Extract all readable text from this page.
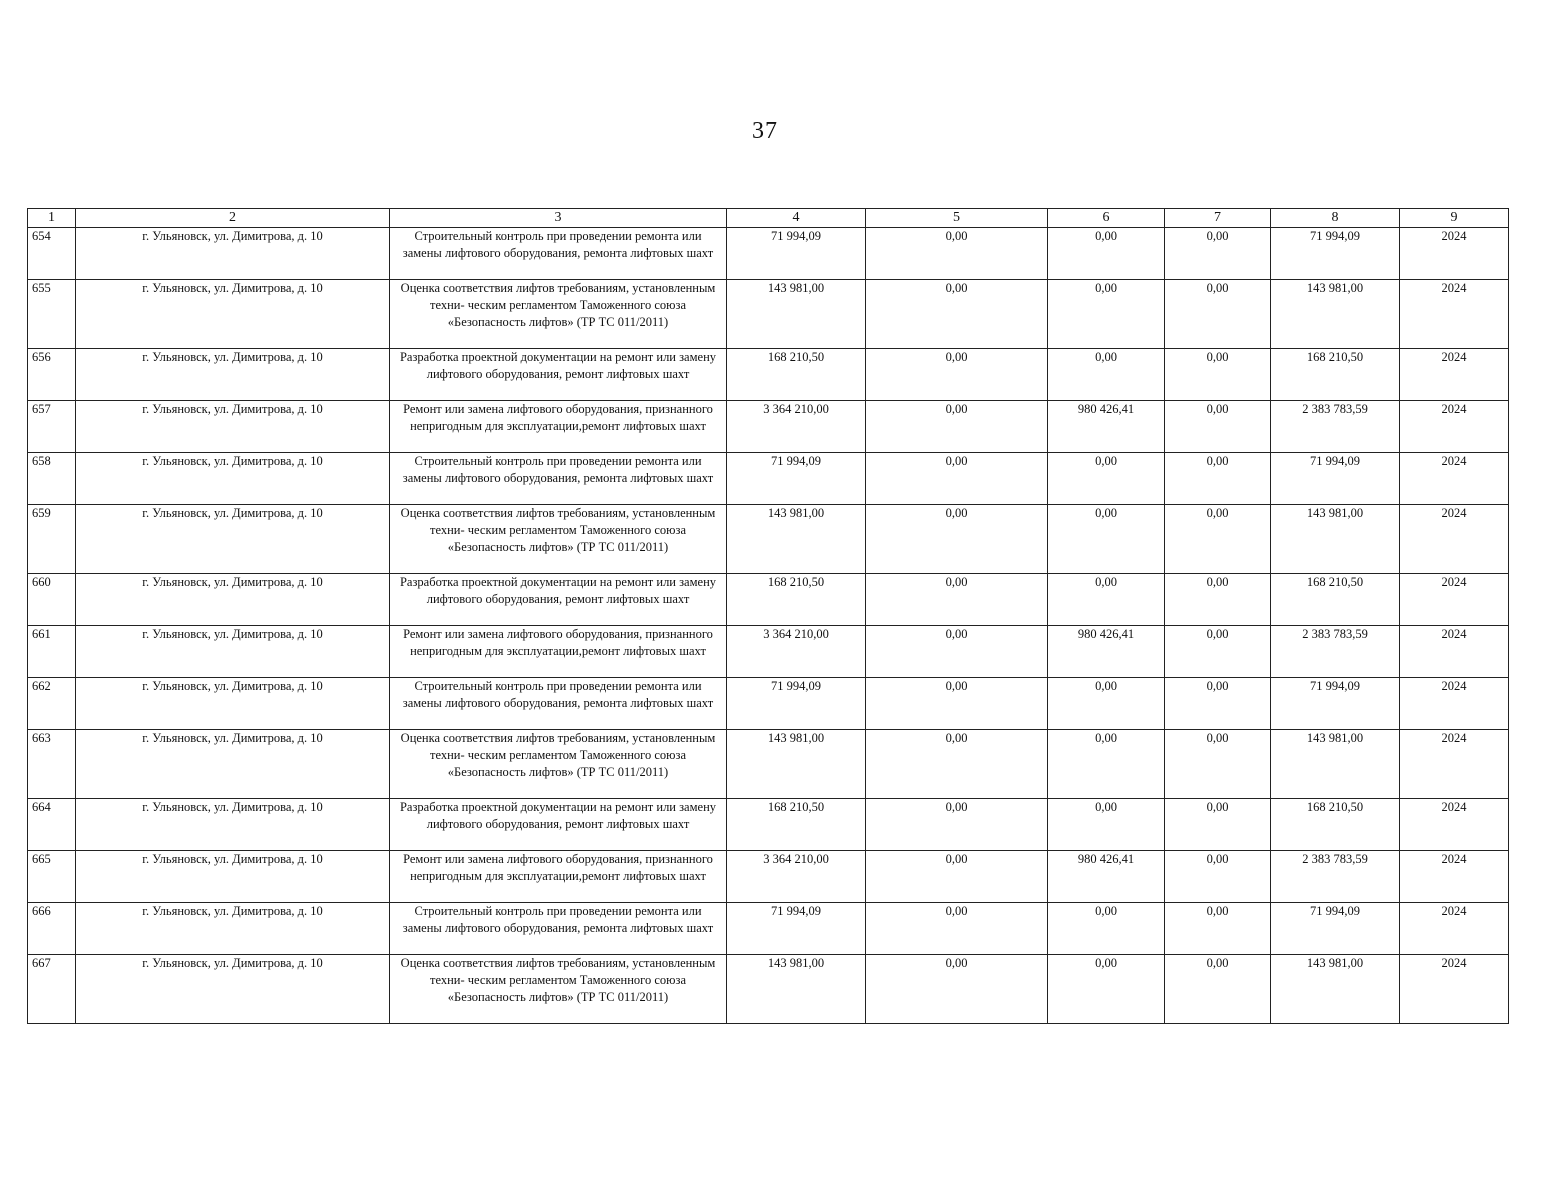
37
1	2	3	4	5	6	7	8	9
654	г. Ульяновск, ул. Димитрова, д. 10	Строительный контроль при проведении ремонта или замены лифтового оборудования, ремонта лифтовых шахт	71 994,09	0,00	0,00	0,00	71 994,09	2024
655	г. Ульяновск, ул. Димитрова, д. 10	Оценка соответствия лифтов требованиям, установленным техни- ческим регламентом Таможенного союза «Безопасность лифтов» (ТР ТС 011/2011)	143 981,00	0,00	0,00	0,00	143 981,00	2024
656	г. Ульяновск, ул. Димитрова, д. 10	Разработка проектной документации на ремонт или замену лифтового оборудования, ремонт лифтовых шахт	168 210,50	0,00	0,00	0,00	168 210,50	2024
657	г. Ульяновск, ул. Димитрова, д. 10	Ремонт или замена лифтового оборудования, признанного непригодным для эксплуатации,ремонт лифтовых шахт	3 364 210,00	0,00	980 426,41	0,00	2 383 783,59	2024
658	г. Ульяновск, ул. Димитрова, д. 10	Строительный контроль при проведении ремонта или замены лифтового оборудования, ремонта лифтовых шахт	71 994,09	0,00	0,00	0,00	71 994,09	2024
659	г. Ульяновск, ул. Димитрова, д. 10	Оценка соответствия лифтов требованиям, установленным техни- ческим регламентом Таможенного союза «Безопасность лифтов» (ТР ТС 011/2011)	143 981,00	0,00	0,00	0,00	143 981,00	2024
660	г. Ульяновск, ул. Димитрова, д. 10	Разработка проектной документации на ремонт или замену лифтового оборудования, ремонт лифтовых шахт	168 210,50	0,00	0,00	0,00	168 210,50	2024
661	г. Ульяновск, ул. Димитрова, д. 10	Ремонт или замена лифтового оборудования, признанного непригодным для эксплуатации,ремонт лифтовых шахт	3 364 210,00	0,00	980 426,41	0,00	2 383 783,59	2024
662	г. Ульяновск, ул. Димитрова, д. 10	Строительный контроль при проведении ремонта или замены лифтового оборудования, ремонта лифтовых шахт	71 994,09	0,00	0,00	0,00	71 994,09	2024
663	г. Ульяновск, ул. Димитрова, д. 10	Оценка соответствия лифтов требованиям, установленным техни- ческим регламентом Таможенного союза «Безопасность лифтов» (ТР ТС 011/2011)	143 981,00	0,00	0,00	0,00	143 981,00	2024
664	г. Ульяновск, ул. Димитрова, д. 10	Разработка проектной документации на ремонт или замену лифтового оборудования, ремонт лифтовых шахт	168 210,50	0,00	0,00	0,00	168 210,50	2024
665	г. Ульяновск, ул. Димитрова, д. 10	Ремонт или замена лифтового оборудования, признанного непригодным для эксплуатации,ремонт лифтовых шахт	3 364 210,00	0,00	980 426,41	0,00	2 383 783,59	2024
666	г. Ульяновск, ул. Димитрова, д. 10	Строительный контроль при проведении ремонта или замены лифтового оборудования, ремонта лифтовых шахт	71 994,09	0,00	0,00	0,00	71 994,09	2024
667	г. Ульяновск, ул. Димитрова, д. 10	Оценка соответствия лифтов требованиям, установленным техни- ческим регламентом Таможенного союза «Безопасность лифтов» (ТР ТС 011/2011)	143 981,00	0,00	0,00	0,00	143 981,00	2024
